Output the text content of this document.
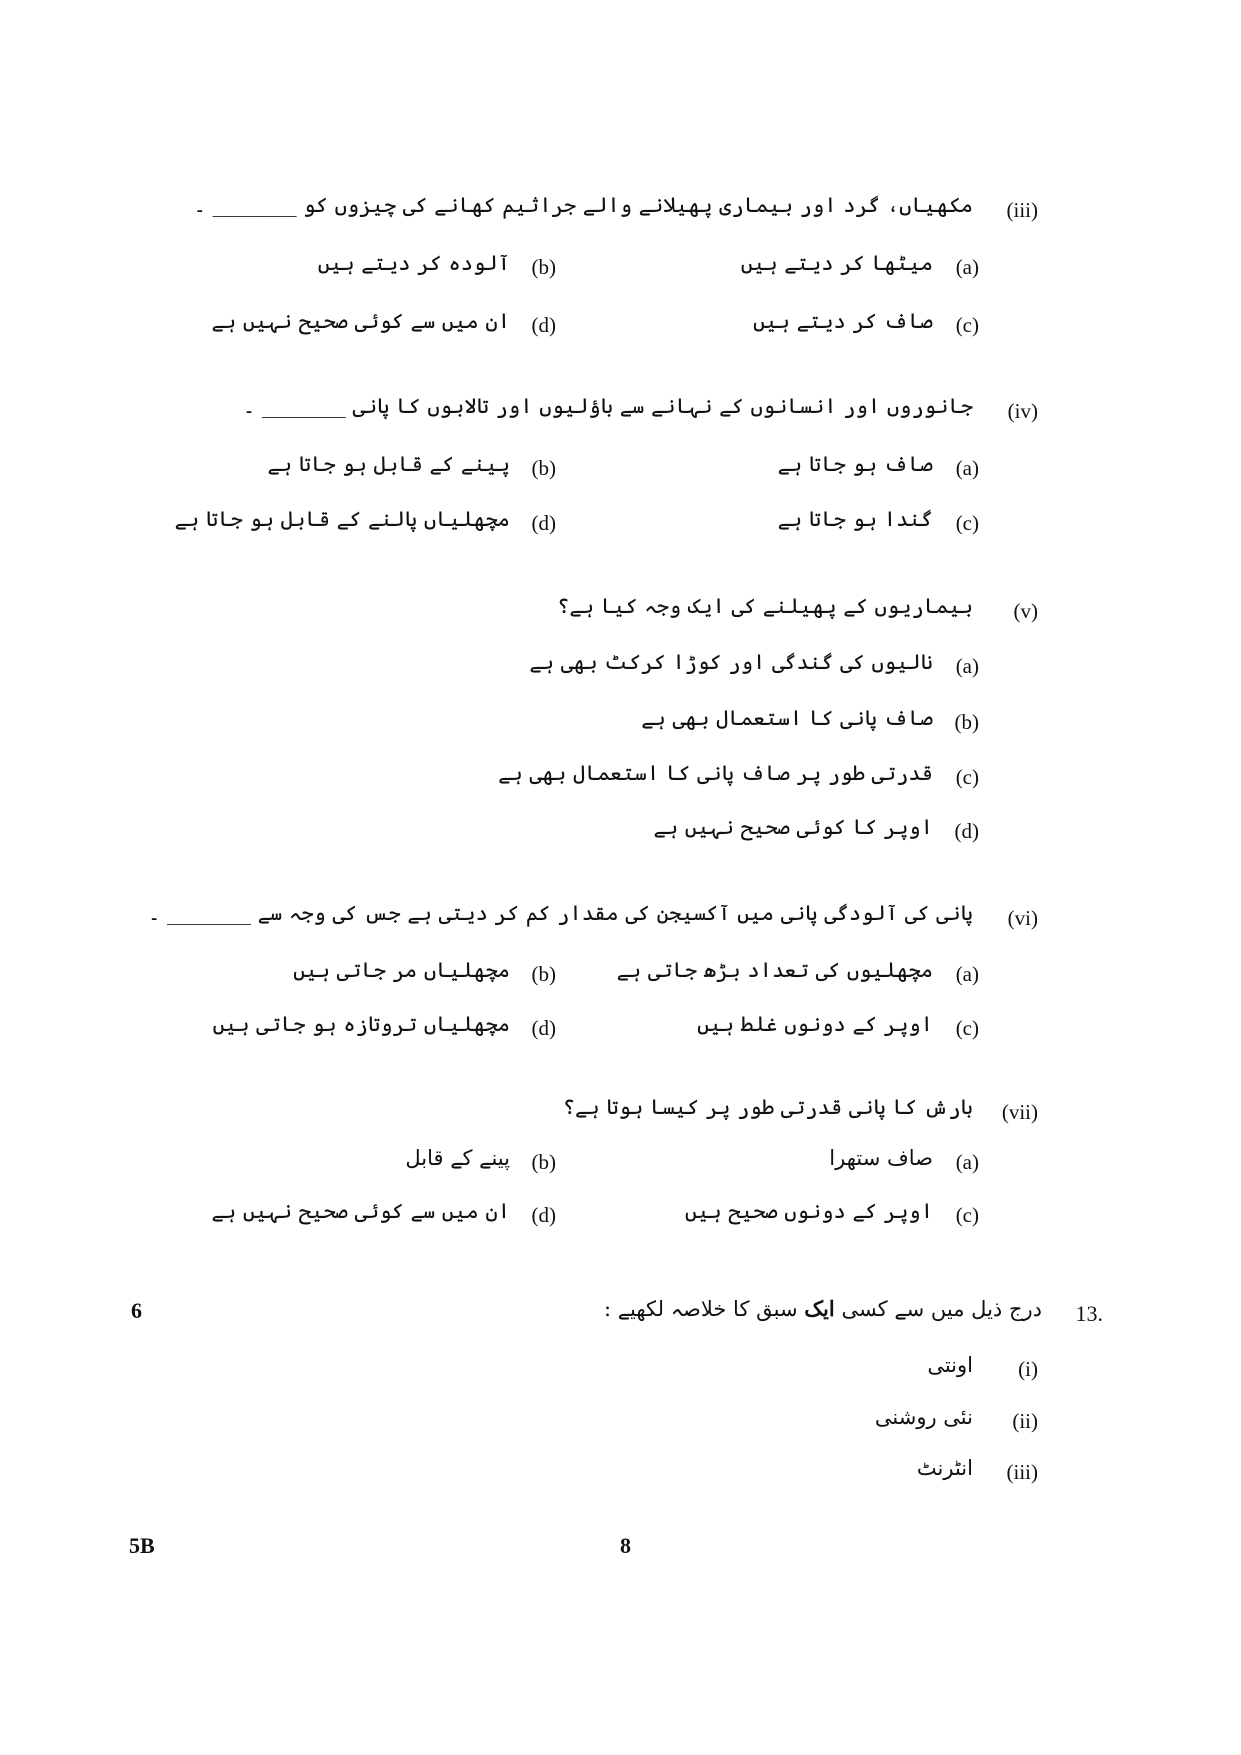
(iii)
مکھیاں، گرد اور بیماری پھیلانے والے جراثیم کھانے کی چیزوں کو ________ ۔
(a)
میٹھا کر دیتے ہیں
(b)
آلودہ کر دیتے ہیں
(c)
صاف کر دیتے ہیں
(d)
ان میں سے کوئی صحیح نہیں ہے
(iv)
جانوروں اور انسانوں کے نہانے سے باؤلیوں اور تالابوں کا پانی ________ ۔
(a)
صاف ہو جاتا ہے
(b)
پینے کے قابل ہو جاتا ہے
(c)
گندا ہو جاتا ہے
(d)
مچھلیاں پالنے کے قابل ہو جاتا ہے
(v)
بیماریوں کے پھیلنے کی ایک وجہ کیا ہے؟
(a)
نالیوں کی گندگی اور کوڑا کرکٹ بھی ہے
(b)
صاف پانی کا استعمال بھی ہے
(c)
قدرتی طور پر صاف پانی کا استعمال بھی ہے
(d)
اوپر کا کوئی صحیح نہیں ہے
(vi)
پانی کی آلودگی پانی میں آکسیجن کی مقدار کم کر دیتی ہے جس کی وجہ سے ________ ۔
(a)
مچھلیوں کی تعداد بڑھ جاتی ہے
(b)
مچھلیاں مر جاتی ہیں
(c)
اوپر کے دونوں غلط ہیں
(d)
مچھلیاں تروتازہ ہو جاتی ہیں
(vii)
بارش کا پانی قدرتی طور پر کیسا ہوتا ہے؟
(a)
صاف ستھرا
(b)
پینے کے قابل
(c)
اوپر کے دونوں صحیح ہیں
(d)
ان میں سے کوئی صحیح نہیں ہے
6	13.
درج ذیل میں سے کسی ایک سبق کا خلاصہ لکھیے :
(i)
اونتی
(ii)
نئی روشنی
(iii)
انٹرنٹ
5B	8
